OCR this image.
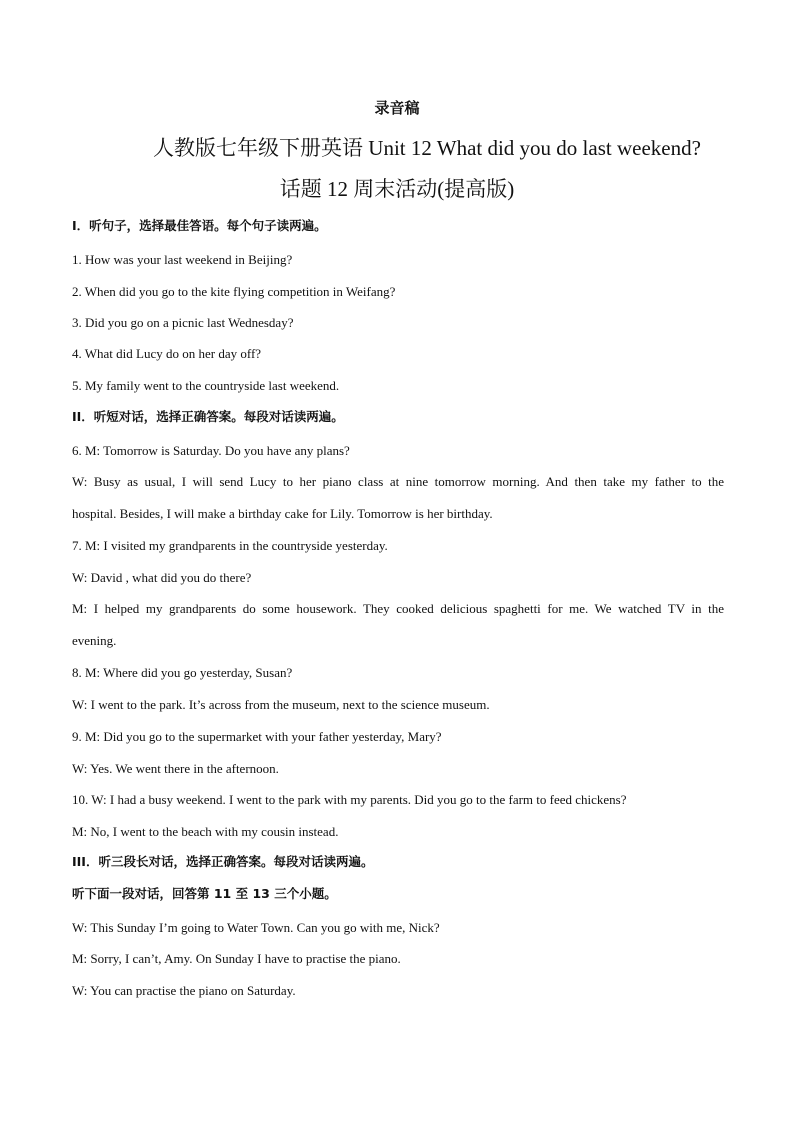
录音稿
人教版七年级下册英语 Unit 12 What did you do last weekend?
话题 12 周末活动(提高版)
I．听句子，选择最佳答语。每个句子读两遍。
1. How was your last weekend in Beijing?
2. When did you go to the kite flying competition in Weifang?
3. Did you go on a picnic last Wednesday?
4. What did Lucy do on her day off?
5. My family went to the countryside last weekend.
II．听短对话，选择正确答案。每段对话读两遍。
6. M: Tomorrow is Saturday. Do you have any plans?
W: Busy as usual, I will send Lucy to her piano class at nine tomorrow morning. And then take my father to the
hospital. Besides, I will make a birthday cake for Lily. Tomorrow is her birthday.
7. M: I visited my grandparents in the countryside yesterday.
W: David , what did you do there?
M: I helped my grandparents do some housework. They cooked delicious spaghetti for me. We watched TV in the
evening.
8. M: Where did you go yesterday, Susan?
W: I went to the park. It’s across from the museum, next to the science museum.
9. M: Did you go to the supermarket with your father yesterday, Mary?
W: Yes. We went there in the afternoon.
10. W: I had a busy weekend. I went to the park with my parents. Did you go to the farm to feed chickens?
M: No, I went to the beach with my cousin instead.
III．听三段长对话，选择正确答案。每段对话读两遍。
听下面一段对话，回答第 11 至 13 三个小题。
W: This Sunday I’m going to Water Town. Can you go with me, Nick?
M: Sorry, I can’t, Amy. On Sunday I have to practise the piano.
W: You can practise the piano on Saturday.
